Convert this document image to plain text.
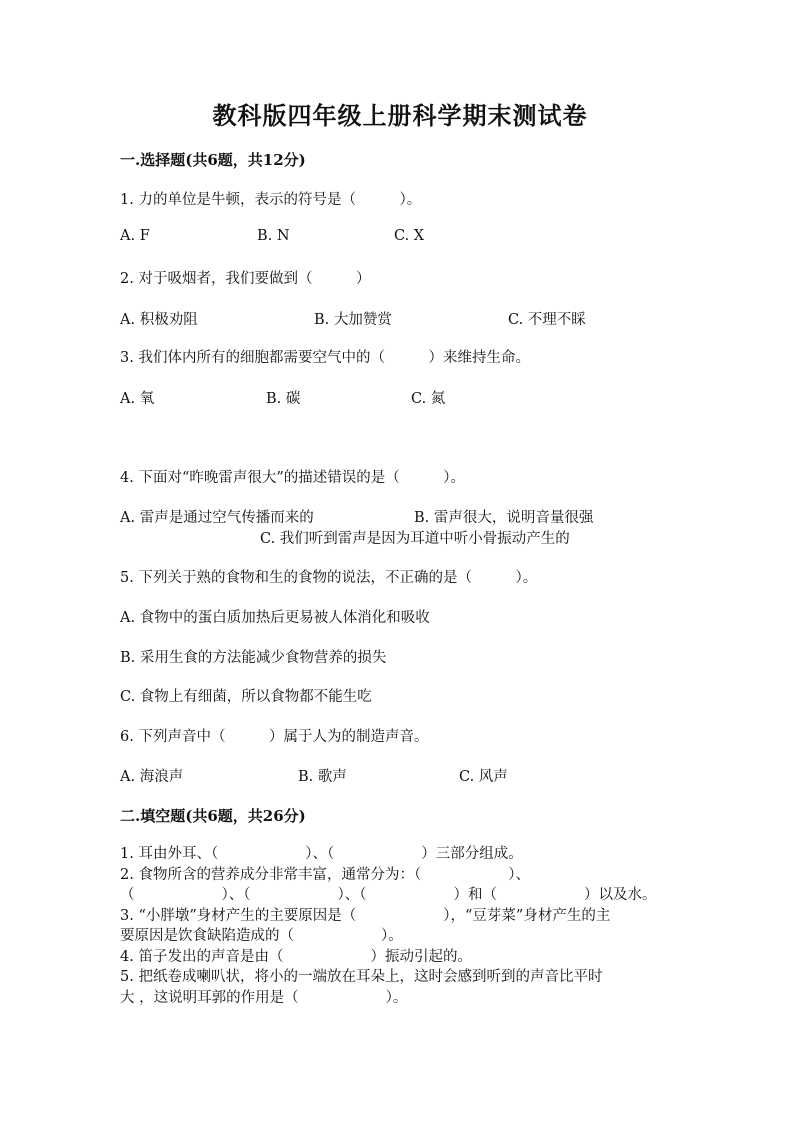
教科版四年级上册科学期末测试卷
一.选择题(共6题，共12分)
1. 力的单位是牛顿，表示的符号是（　　　）。
A. F	B. N	C. X
2. 对于吸烟者，我们要做到（　　　）
A. 积极劝阻	B. 大加赞赏	C. 不理不睬
3. 我们体内所有的细胞都需要空气中的（　　　）来维持生命。
A. 氧	B. 碳	C. 氮
4. 下面对“昨晚雷声很大”的描述错误的是（　　　）。
A. 雷声是通过空气传播而来的	B. 雷声很大，说明音量很强
C. 我们听到雷声是因为耳道中听小骨振动产生的
5. 下列关于熟的食物和生的食物的说法，不正确的是（　　　）。
A. 食物中的蛋白质加热后更易被人体消化和吸收
B. 采用生食的方法能减少食物营养的损失
C. 食物上有细菌，所以食物都不能生吃
6. 下列声音中（　　　）属于人为的制造声音。
A. 海浪声	B. 歌声	C. 风声
二.填空题(共6题，共26分)
1. 耳由外耳、（　　　　　　）、（　　　　　　）三部分组成。
2. 食物所含的营养成分非常丰富，通常分为：（　　　　　　）、
（　　　　　　）、（　　　　　　）、（　　　　　　）和（　　　　　　）以及水。
3. “小胖墩”身材产生的主要原因是（　　　　　　），“豆芽菜”身材产生的主
要原因是饮食缺陷造成的（　　　　　　）。
4. 笛子发出的声音是由（　　　　　　）振动引起的。
5. 把纸卷成喇叭状，将小的一端放在耳朵上，这时会感到听到的声音比平时
大 ，这说明耳郭的作用是（　　　　　　）。
